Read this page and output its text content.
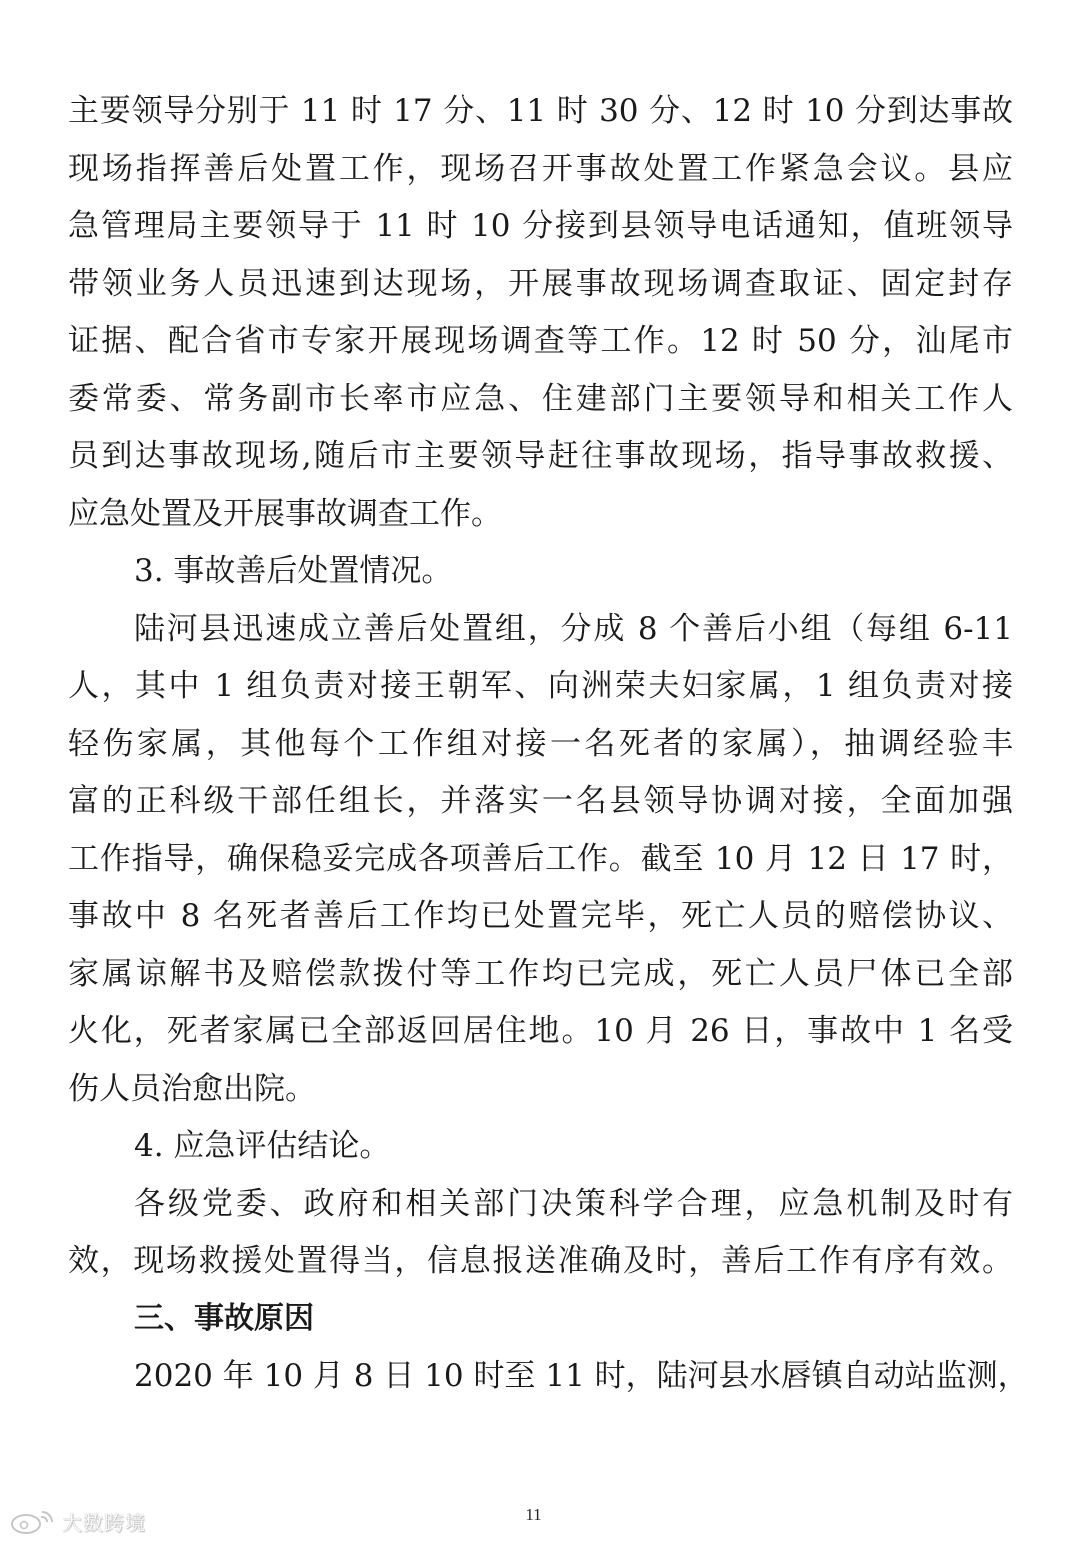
主要领导分别于 11 时 17 分、11 时 30 分、12 时 10 分到达事故
现场指挥善后处置工作，现场召开事故处置工作紧急会议。县应
急管理局主要领导于 11 时 10 分接到县领导电话通知，值班领导
带领业务人员迅速到达现场，开展事故现场调查取证、固定封存
证据、配合省市专家开展现场调查等工作。12 时 50 分，汕尾市
委常委、常务副市长率市应急、住建部门主要领导和相关工作人
员到达事故现场,随后市主要领导赶往事故现场，指导事故救援、
应急处置及开展事故调查工作。
3. 事故善后处置情况。
陆河县迅速成立善后处置组，分成 8 个善后小组（每组 6-11
人，其中 1 组负责对接王朝军、向洲荣夫妇家属，1 组负责对接
轻伤家属，其他每个工作组对接一名死者的家属），抽调经验丰
富的正科级干部任组长，并落实一名县领导协调对接，全面加强
工作指导，确保稳妥完成各项善后工作。截至 10 月 12 日 17 时，
事故中 8 名死者善后工作均已处置完毕，死亡人员的赔偿协议、
家属谅解书及赔偿款拨付等工作均已完成，死亡人员尸体已全部
火化，死者家属已全部返回居住地。10 月 26 日，事故中 1 名受
伤人员治愈出院。
4. 应急评估结论。
各级党委、政府和相关部门决策科学合理，应急机制及时有
效，现场救援处置得当，信息报送准确及时，善后工作有序有效。
三、事故原因
2020 年 10 月 8 日 10 时至 11 时，陆河县水唇镇自动站监测，
11
大数跨境
